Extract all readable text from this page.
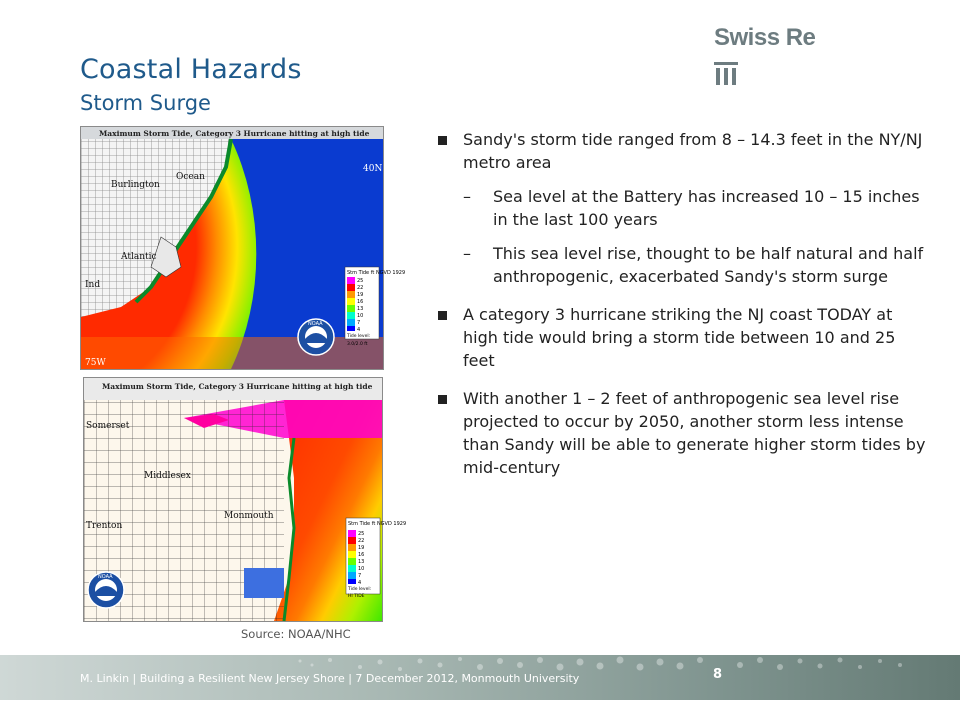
Coastal Hazards
Storm Surge
Swiss Re
Burlington
Atlantic
Ocean
Ind
40N
75W
Maximum Storm Tide, Category 3 Hurricane hitting at high tide
Stm Tide ft NGVD 1929
25
22
19
16
13
10
7
4
Tide level:
3.0/2.0 ft
NOAA
Somerset
Middlesex
Monmouth
Trenton
Maximum Storm Tide, Category 3 Hurricane hitting at high tide
Stm Tide ft NGVD 1929
25
22
19
16
13
10
7
4
Tide level:
HI TIDE
NOAA
Source: NOAA/NHC
Sandy's storm tide ranged from 8 – 14.3 feet in the NY/NJ metro area
– Sea level at the Battery has increased 10 – 15 inches in the last 100 years
– This sea level rise, thought to be half natural and half anthropogenic, exacerbated Sandy's storm surge
A category 3 hurricane striking the NJ coast TODAY at high tide would bring a storm tide between 10 and 25 feet
With another 1 – 2 feet of anthropogenic sea level rise projected to occur by 2050, another storm less intense than Sandy will be able to generate higher storm tides by mid-century
M. Linkin | Building a Resilient New Jersey Shore | 7 December 2012, Monmouth University	8
